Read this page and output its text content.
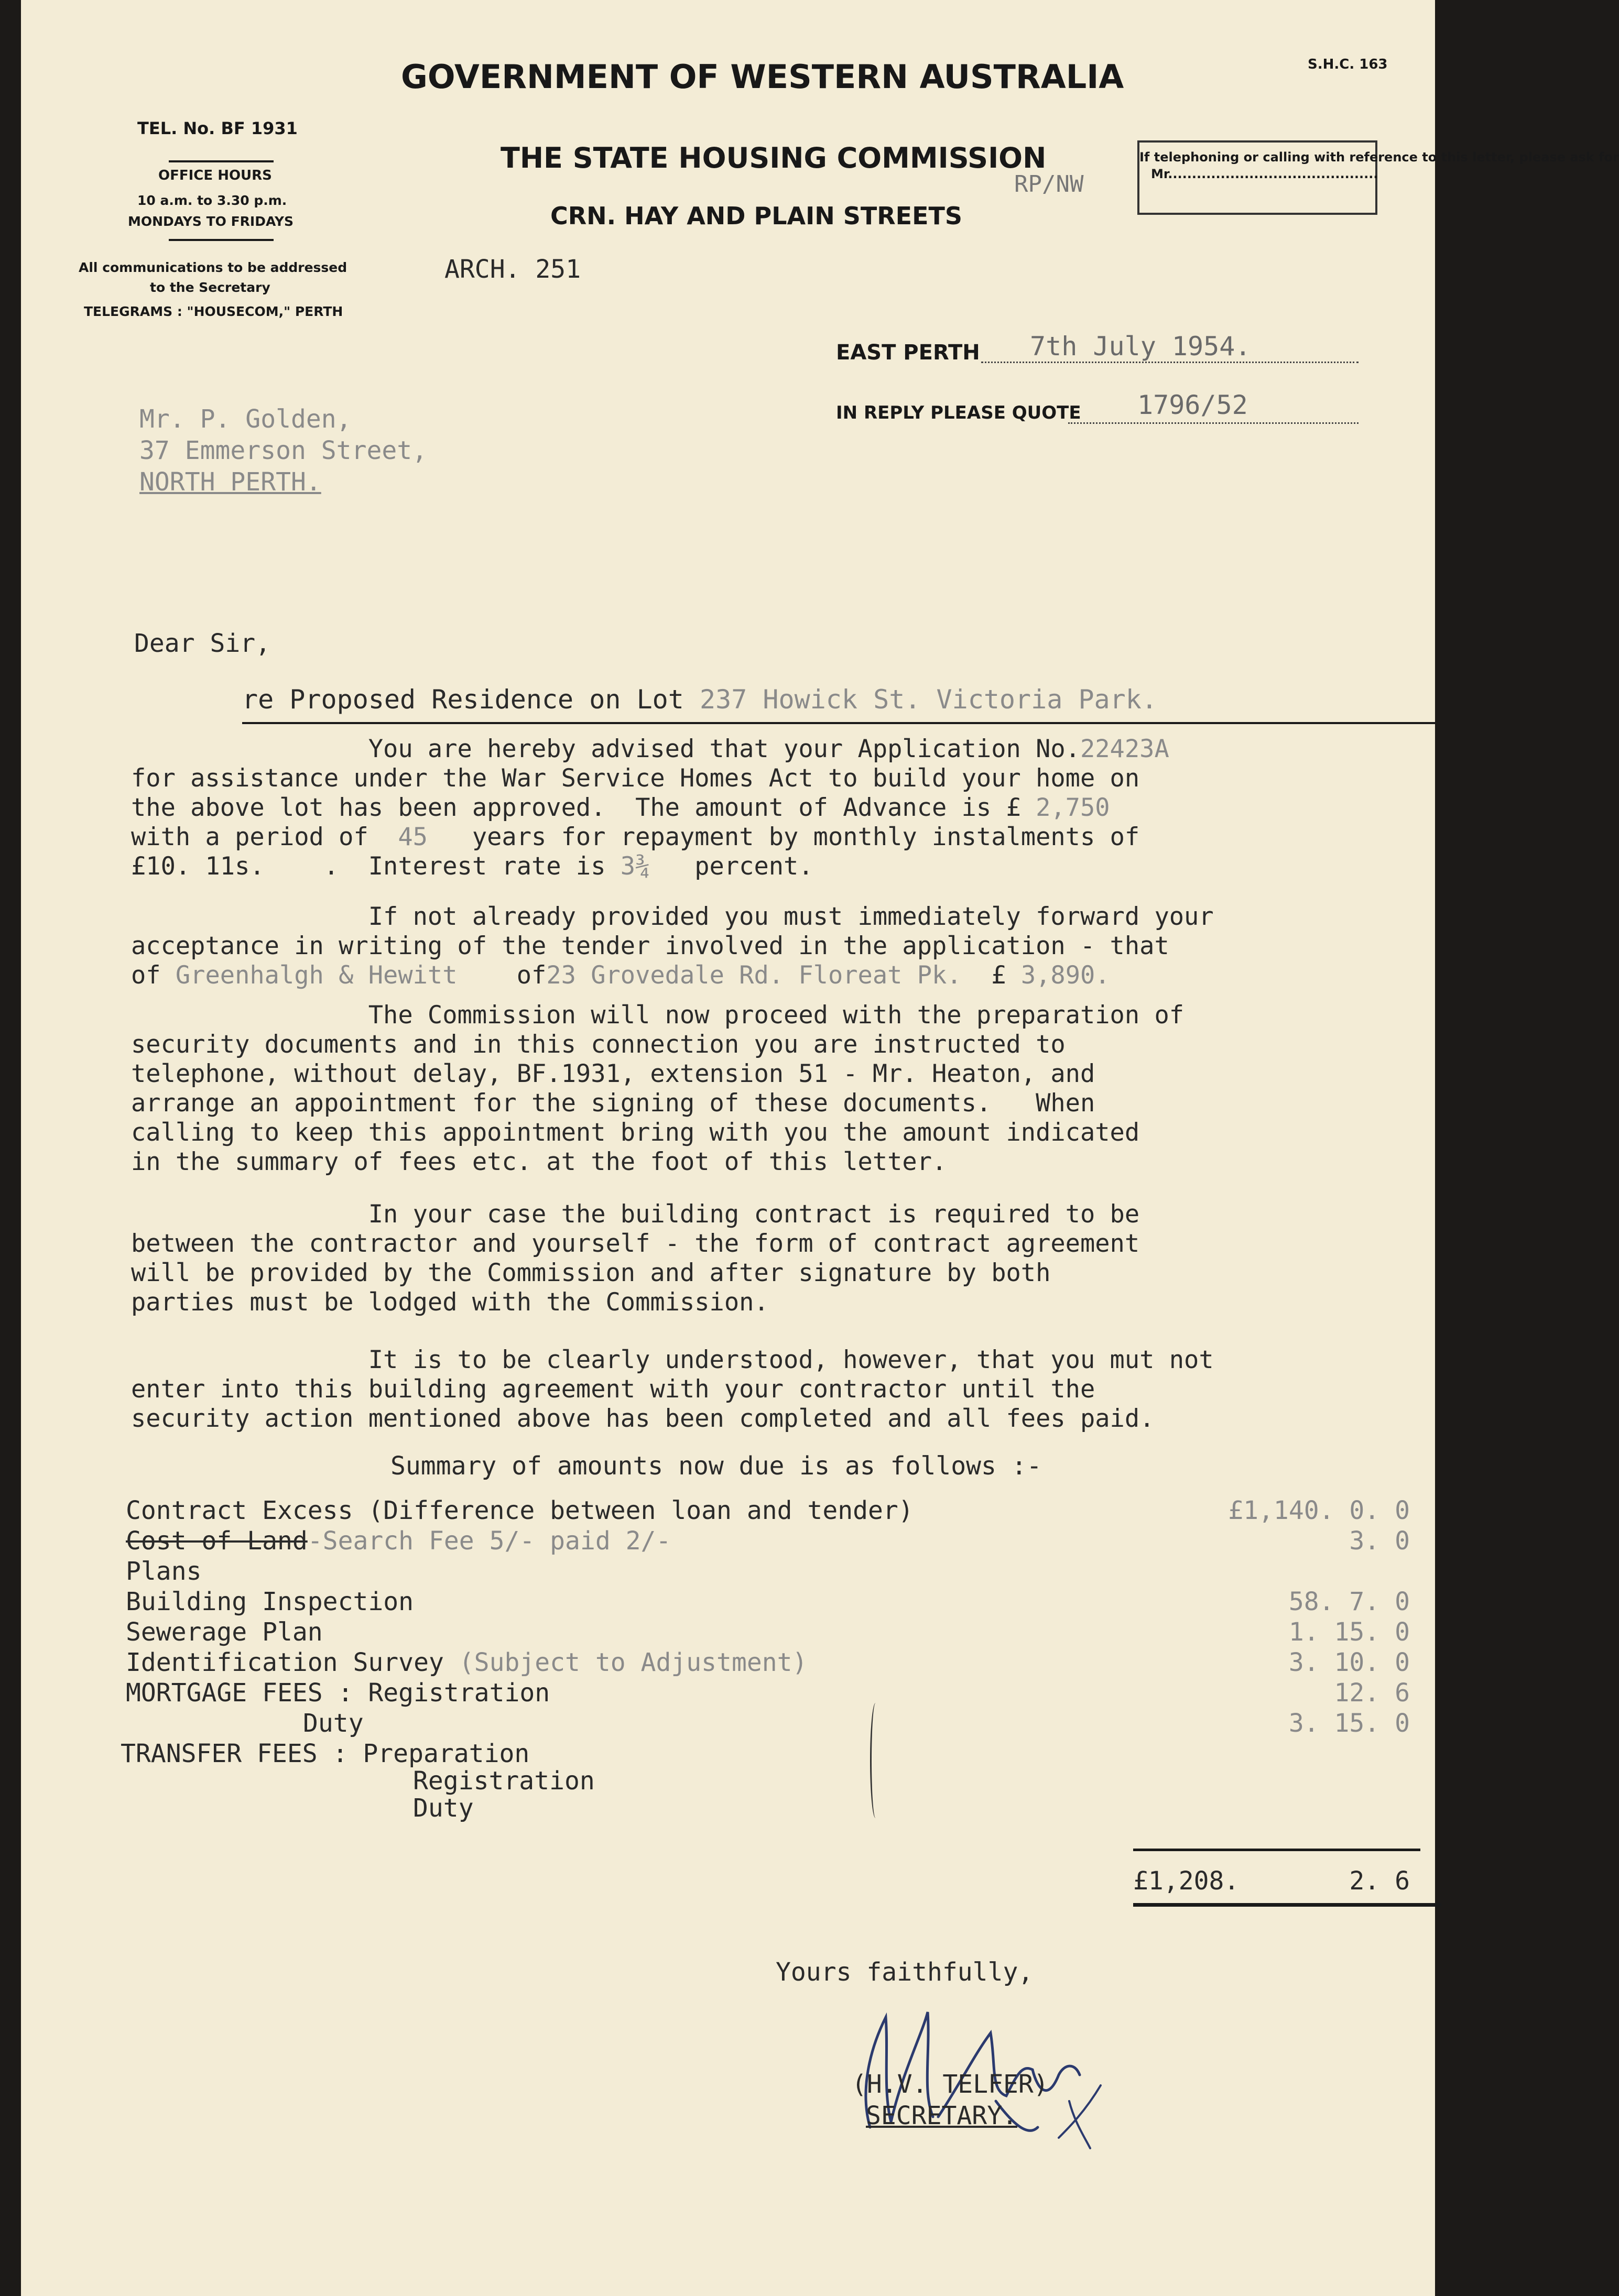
GOVERNMENT OF WESTERN AUSTRALIA	S.H.C. 163
THE STATE HOUSING COMMISSION
CRN. HAY AND PLAIN STREETS
TEL. No. BF 1931
OFFICE HOURS
10 a.m. to 3.30 p.m.
MONDAYS TO FRIDAYS
All communications to be addressed
to the Secretary
TELEGRAMS : "HOUSECOM," PERTH
If telephoning or calling with reference to this letter, please ask for
Mr............................................
RP/NW
ARCH. 251
EAST PERTH 7th July 1954.
IN REPLY PLEASE QUOTE 1796/52
Mr. P. Golden,
37 Emmerson Street,
NORTH PERTH.
Dear Sir,
re Proposed Residence on Lot 237 Howick St. Victoria Park.
You are hereby advised that your Application No.22423A
for assistance under the War Service Homes Act to build your home on
the above lot has been approved.  The amount of Advance is £ 2,750
with a period of  45   years for repayment by monthly instalments of
£10. 11s.    .  Interest rate is 3¾   percent.
If not already provided you must immediately forward your
acceptance in writing of the tender involved in the application - that
of Greenhalgh & Hewitt    of23 Grovedale Rd. Floreat Pk.  £ 3,890.
The Commission will now proceed with the preparation of
security documents and in this connection you are instructed to
telephone, without delay, BF.1931, extension 51 - Mr. Heaton, and
arrange an appointment for the signing of these documents.   When
calling to keep this appointment bring with you the amount indicated
in the summary of fees etc. at the foot of this letter.
In your case the building contract is required to be
between the contractor and yourself - the form of contract agreement
will be provided by the Commission and after signature by both
parties must be lodged with the Commission.
It is to be clearly understood, however, that you mut not
enter into this building agreement with your contractor until the
security action mentioned above has been completed and all fees paid.
Summary of amounts now due is as follows :-
Contract Excess (Difference between loan and tender)	£1,140. 0. 0
Cost of Land-Search Fee 5/- paid 2/-	3. 0
Plans
Building Inspection	58. 7. 0
Sewerage Plan	1. 15. 0
Identification Survey (Subject to Adjustment)	3. 10. 0
MORTGAGE FEES : Registration	12. 6
Duty	3. 15. 0
TRANSFER FEES : Preparation
Registration
Duty
£1,208.	2. 6
Yours faithfully,
(H.V. TELFER)
SECRETARY.
